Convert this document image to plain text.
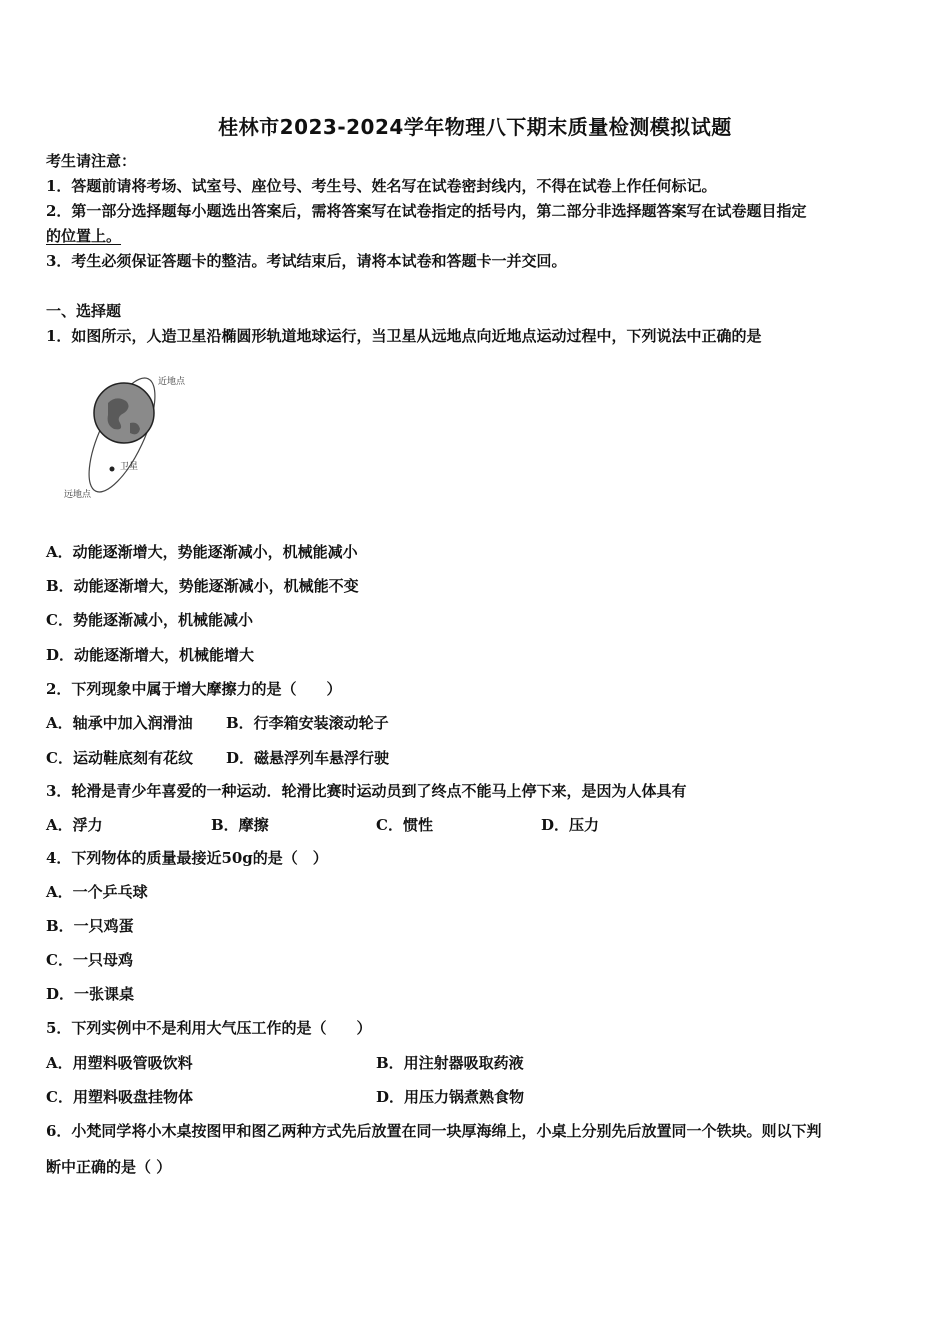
桂林市2023-2024学年物理八下期末质量检测模拟试题
考生请注意：
1．答题前请将考场、试室号、座位号、考生号、姓名写在试卷密封线内，不得在试卷上作任何标记。
2．第一部分选择题每小题选出答案后，需将答案写在试卷指定的括号内，第二部分非选择题答案写在试卷题目指定
的位置上。
3．考生必须保证答题卡的整洁。考试结束后，请将本试卷和答题卡一并交回。
一、选择题
1．如图所示，人造卫星沿椭圆形轨道地球运行，当卫星从远地点向近地点运动过程中，下列说法中正确的是
近地点
卫星
远地点
A．动能逐渐增大，势能逐渐减小，机械能减小
B．动能逐渐增大，势能逐渐减小，机械能不变
C．势能逐渐减小，机械能减小
D．动能逐渐增大，机械能增大
2．下列现象中属于增大摩擦力的是（　　）
A．轴承中加入润滑油 B．行李箱安装滚动轮子
C．运动鞋底刻有花纹 D．磁悬浮列车悬浮行驶
3．轮滑是青少年喜爱的一种运动．轮滑比赛时运动员到了终点不能马上停下来，是因为人体具有
A．浮力	B．摩擦	C．惯性	D．压力
4．下列物体的质量最接近50g的是（　）
A．一个乒乓球
B．一只鸡蛋
C．一只母鸡
D．一张课桌
5．下列实例中不是利用大气压工作的是（　　）
A．用塑料吸管吸饮料	B．用注射器吸取药液
C．用塑料吸盘挂物体	D．用压力锅煮熟食物
6．小梵同学将小木桌按图甲和图乙两种方式先后放置在同一块厚海绵上，小桌上分别先后放置同一个铁块。则以下判
断中正确的是（ ）
